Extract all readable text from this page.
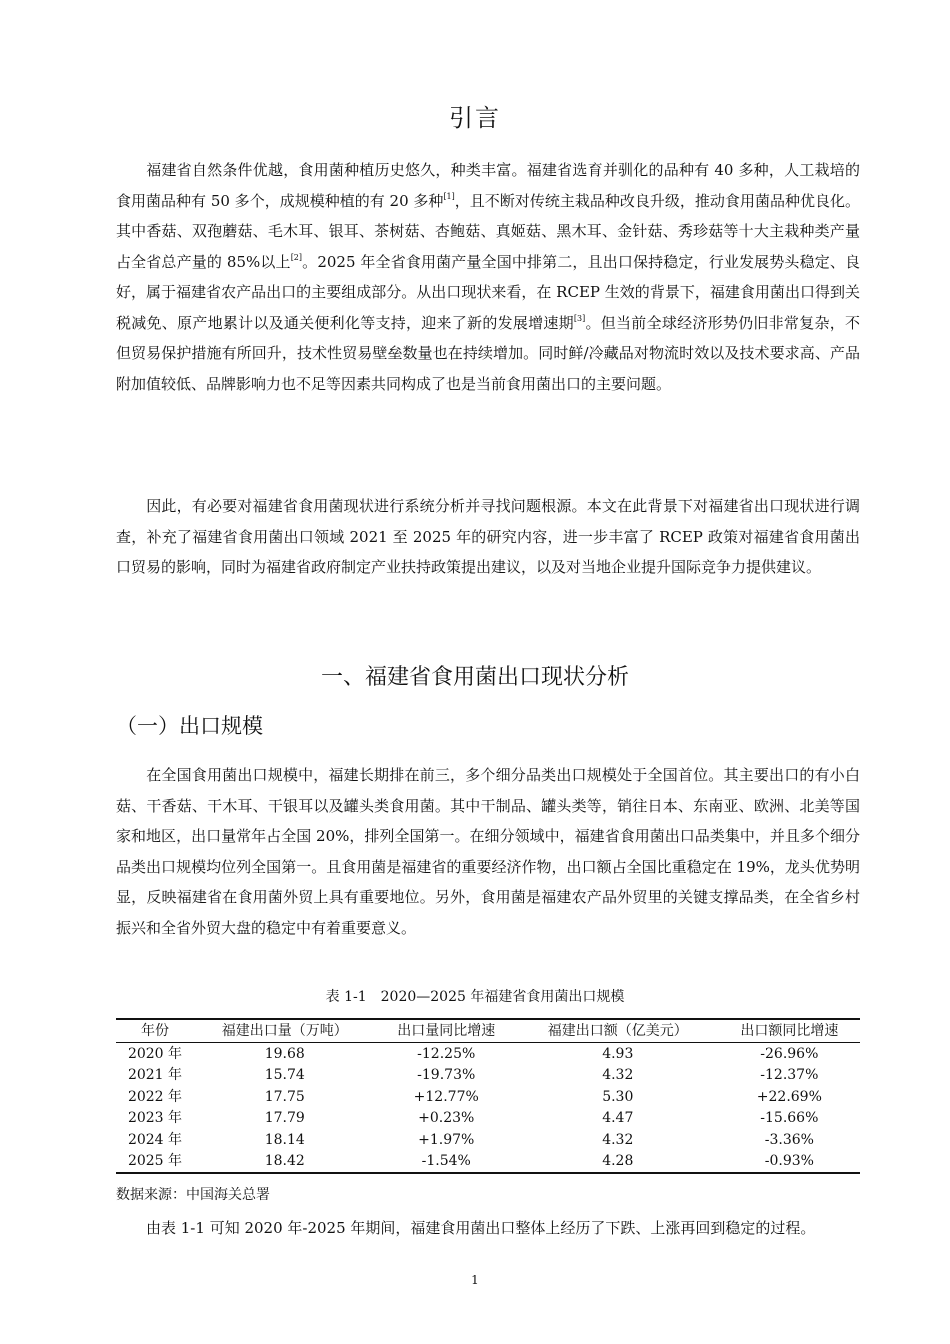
引言

福建省自然条件优越，食用菌种植历史悠久，种类丰富。福建省选育并驯化的品种有 40 多种，人工栽培的食用菌品种有 50 多个，成规模种植的有 20 多种[1]，且不断对传统主栽品种改良升级，推动食用菌品种优良化。其中香菇、双孢蘑菇、毛木耳、银耳、茶树菇、杏鲍菇、真姬菇、黑木耳、金针菇、秀珍菇等十大主栽种类产量占全省总产量的 85%以上[2]。2025 年全省食用菌产量全国中排第二，且出口保持稳定，行业发展势头稳定、良好，属于福建省农产品出口的主要组成部分。从出口现状来看，在 RCEP 生效的背景下，福建食用菌出口得到关税减免、原产地累计以及通关便利化等支持，迎来了新的发展增速期[3]。但当前全球经济形势仍旧非常复杂，不但贸易保护措施有所回升，技术性贸易壁垒数量也在持续增加。同时鲜/冷藏品对物流时效以及技术要求高、产品附加值较低、品牌影响力也不足等因素共同构成了也是当前食用菌出口的主要问题。

因此，有必要对福建省食用菌现状进行系统分析并寻找问题根源。本文在此背景下对福建省出口现状进行调查，补充了福建省食用菌出口领域 2021 至 2025 年的研究内容，进一步丰富了 RCEP 政策对福建省食用菌出口贸易的影响，同时为福建省政府制定产业扶持政策提出建议，以及对当地企业提升国际竞争力提供建议。

一、福建省食用菌出口现状分析
（一）出口规模

在全国食用菌出口规模中，福建长期排在前三，多个细分品类出口规模处于全国首位。其主要出口的有小白菇、干香菇、干木耳、干银耳以及罐头类食用菌。其中干制品、罐头类等，销往日本、东南亚、欧洲、北美等国家和地区，出口量常年占全国 20%，排列全国第一。在细分领域中，福建省食用菌出口品类集中，并且多个细分品类出口规模均位列全国第一。且食用菌是福建省的重要经济作物，出口额占全国比重稳定在 19%，龙头优势明显，反映福建省在食用菌外贸上具有重要地位。另外，食用菌是福建农产品外贸里的关键支撑品类，在全省乡村振兴和全省外贸大盘的稳定中有着重要意义。

表 1-1　2020—2025 年福建省食用菌出口规模
年份	福建出口量（万吨）	出口量同比增速	福建出口额（亿美元）	出口额同比增速
2020 年	19.68	-12.25%	4.93	-26.96%
2021 年	15.74	-19.73%	4.32	-12.37%
2022 年	17.75	+12.77%	5.30	+22.69%
2023 年	17.79	+0.23%	4.47	-15.66%
2024 年	18.14	+1.97%	4.32	-3.36%
2025 年	18.42	-1.54%	4.28	-0.93%
数据来源：中国海关总署

由表 1-1 可知 2020 年-2025 年期间，福建食用菌出口整体上经历了下跌、上涨再回到稳定的过程。

1
